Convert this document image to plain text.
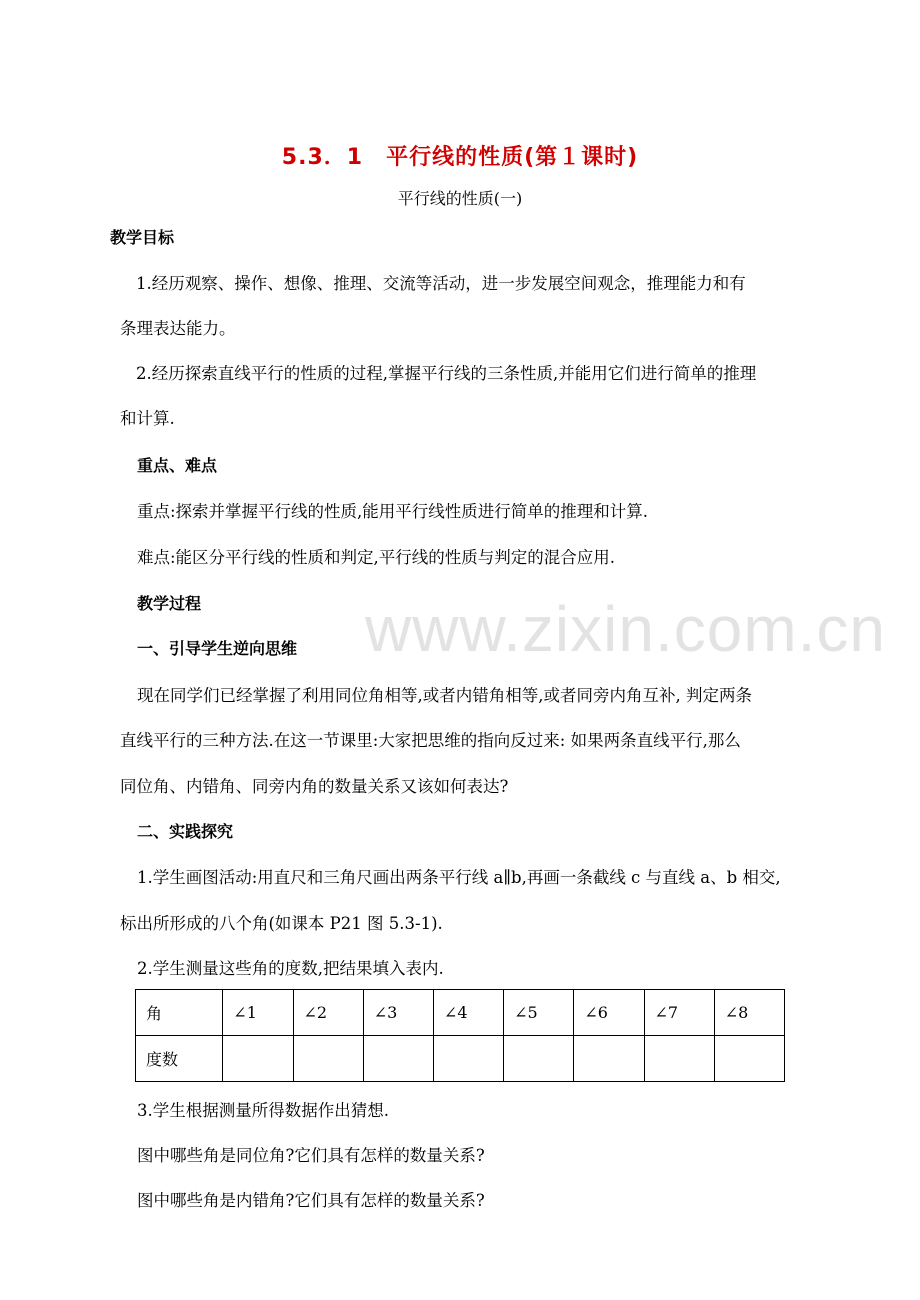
www.zixin.com.cn
5.3．1　平行线的性质(第１课时)
平行线的性质(一)
教学目标
1.经历观察、操作、想像、推理、交流等活动，进一步发展空间观念，推理能力和有
条理表达能力。
2.经历探索直线平行的性质的过程,掌握平行线的三条性质,并能用它们进行简单的推理
和计算.
重点、难点
重点:探索并掌握平行线的性质,能用平行线性质进行简单的推理和计算.
难点:能区分平行线的性质和判定,平行线的性质与判定的混合应用.
教学过程
一、引导学生逆向思维
现在同学们已经掌握了利用同位角相等,或者内错角相等,或者同旁内角互补, 判定两条
直线平行的三种方法.在这一节课里:大家把思维的指向反过来: 如果两条直线平行,那么
同位角、内错角、同旁内角的数量关系又该如何表达?
二、实践探究
1.学生画图活动:用直尺和三角尺画出两条平行线 a∥b,再画一条截线 c 与直线 a、b 相交,
标出所形成的八个角(如课本 P21 图 5.3-1).
2.学生测量这些角的度数,把结果填入表内.
角	∠1	∠2	∠3	∠4	∠5	∠6	∠7	∠8
度数								
3.学生根据测量所得数据作出猜想.
图中哪些角是同位角?它们具有怎样的数量关系?
图中哪些角是内错角?它们具有怎样的数量关系?
